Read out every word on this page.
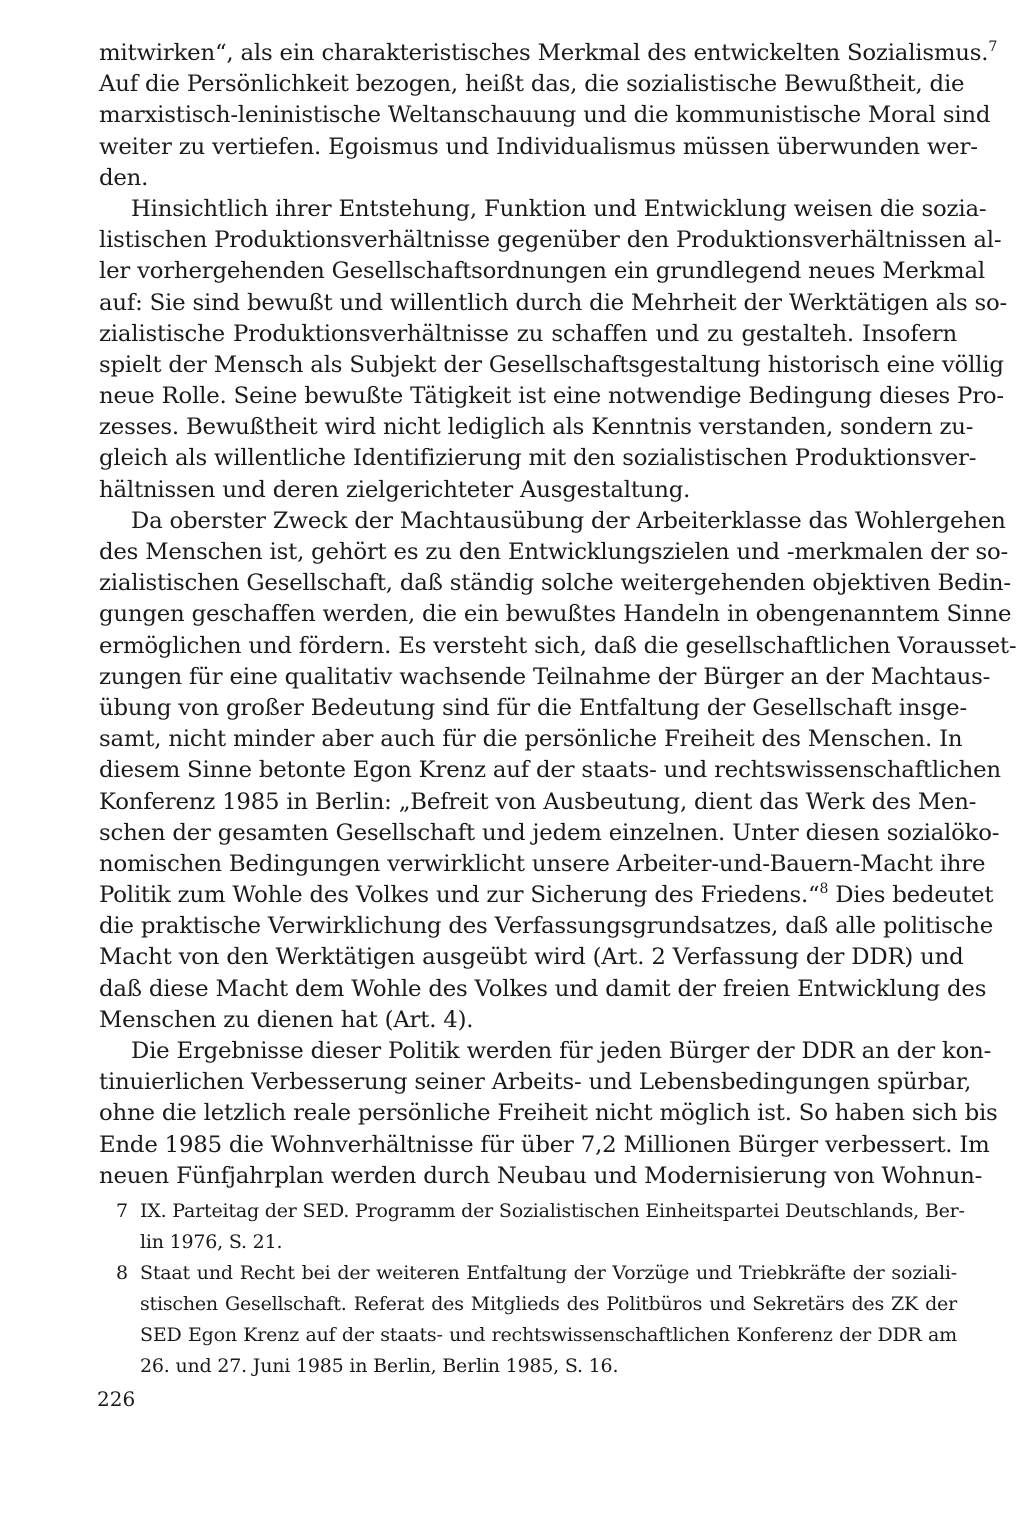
mitwirken“, als ein charakteristisches Merkmal des entwickelten Sozialismus.$^7$
Auf die Persönlichkeit bezogen, heißt das, die sozialistische Bewußtheit, die
marxistisch-leninistische Weltanschauung und die kommunistische Moral sind
weiter zu vertiefen. Egoismus und Individualismus müssen überwunden wer-
den.
Hinsichtlich ihrer Entstehung, Funktion und Entwicklung weisen die sozia-
listischen Produktionsverhältnisse gegenüber den Produktionsverhältnissen al-
ler vorhergehenden Gesellschaftsordnungen ein grundlegend neues Merkmal
auf: Sie sind bewußt und willentlich durch die Mehrheit der Werktätigen als so-
zialistische Produktionsverhältnisse zu schaffen und zu gestalteh. Insofern
spielt der Mensch als Subjekt der Gesellschaftsgestaltung historisch eine völlig
neue Rolle. Seine bewußte Tätigkeit ist eine notwendige Bedingung dieses Pro-
zesses. Bewußtheit wird nicht lediglich als Kenntnis verstanden, sondern zu-
gleich als willentliche Identifizierung mit den sozialistischen Produktionsver-
hältnissen und deren zielgerichteter Ausgestaltung.
Da oberster Zweck der Machtausübung der Arbeiterklasse das Wohlergehen
des Menschen ist, gehört es zu den Entwicklungszielen und -merkmalen der so-
zialistischen Gesellschaft, daß ständig solche weitergehenden objektiven Bedin-
gungen geschaffen werden, die ein bewußtes Handeln in obengenanntem Sinne
ermöglichen und fördern. Es versteht sich, daß die gesellschaftlichen Vorausset-
zungen für eine qualitativ wachsende Teilnahme der Bürger an der Machtaus-
übung von großer Bedeutung sind für die Entfaltung der Gesellschaft insge-
samt, nicht minder aber auch für die persönliche Freiheit des Menschen. In
diesem Sinne betonte Egon Krenz auf der staats- und rechtswissenschaftlichen
Konferenz 1985 in Berlin: „Befreit von Ausbeutung, dient das Werk des Men-
schen der gesamten Gesellschaft und jedem einzelnen. Unter diesen sozialöko-
nomischen Bedingungen verwirklicht unsere Arbeiter-und-Bauern-Macht ihre
Politik zum Wohle des Volkes und zur Sicherung des Friedens.“$^8$ Dies bedeutet
die praktische Verwirklichung des Verfassungsgrundsatzes, daß alle politische
Macht von den Werktätigen ausgeübt wird (Art. 2 Verfassung der DDR) und
daß diese Macht dem Wohle des Volkes und damit der freien Entwicklung des
Menschen zu dienen hat (Art. 4).
Die Ergebnisse dieser Politik werden für jeden Bürger der DDR an der kon-
tinuierlichen Verbesserung seiner Arbeits- und Lebensbedingungen spürbar,
ohne die letzlich reale persönliche Freiheit nicht möglich ist. So haben sich bis
Ende 1985 die Wohnverhältnisse für über 7,2 Millionen Bürger verbessert. Im
neuen Fünfjahrplan werden durch Neubau und Modernisierung von Wohnun-
7 IX. Parteitag der SED. Programm der Sozialistischen Einheitspartei Deutschlands, Ber-
lin 1976, S. 21.
8 Staat und Recht bei der weiteren Entfaltung der Vorzüge und Triebkräfte der soziali-
stischen Gesellschaft. Referat des Mitglieds des Politbüros und Sekretärs des ZK der
SED Egon Krenz auf der staats- und rechtswissenschaftlichen Konferenz der DDR am
26. und 27. Juni 1985 in Berlin, Berlin 1985, S. 16.
226
